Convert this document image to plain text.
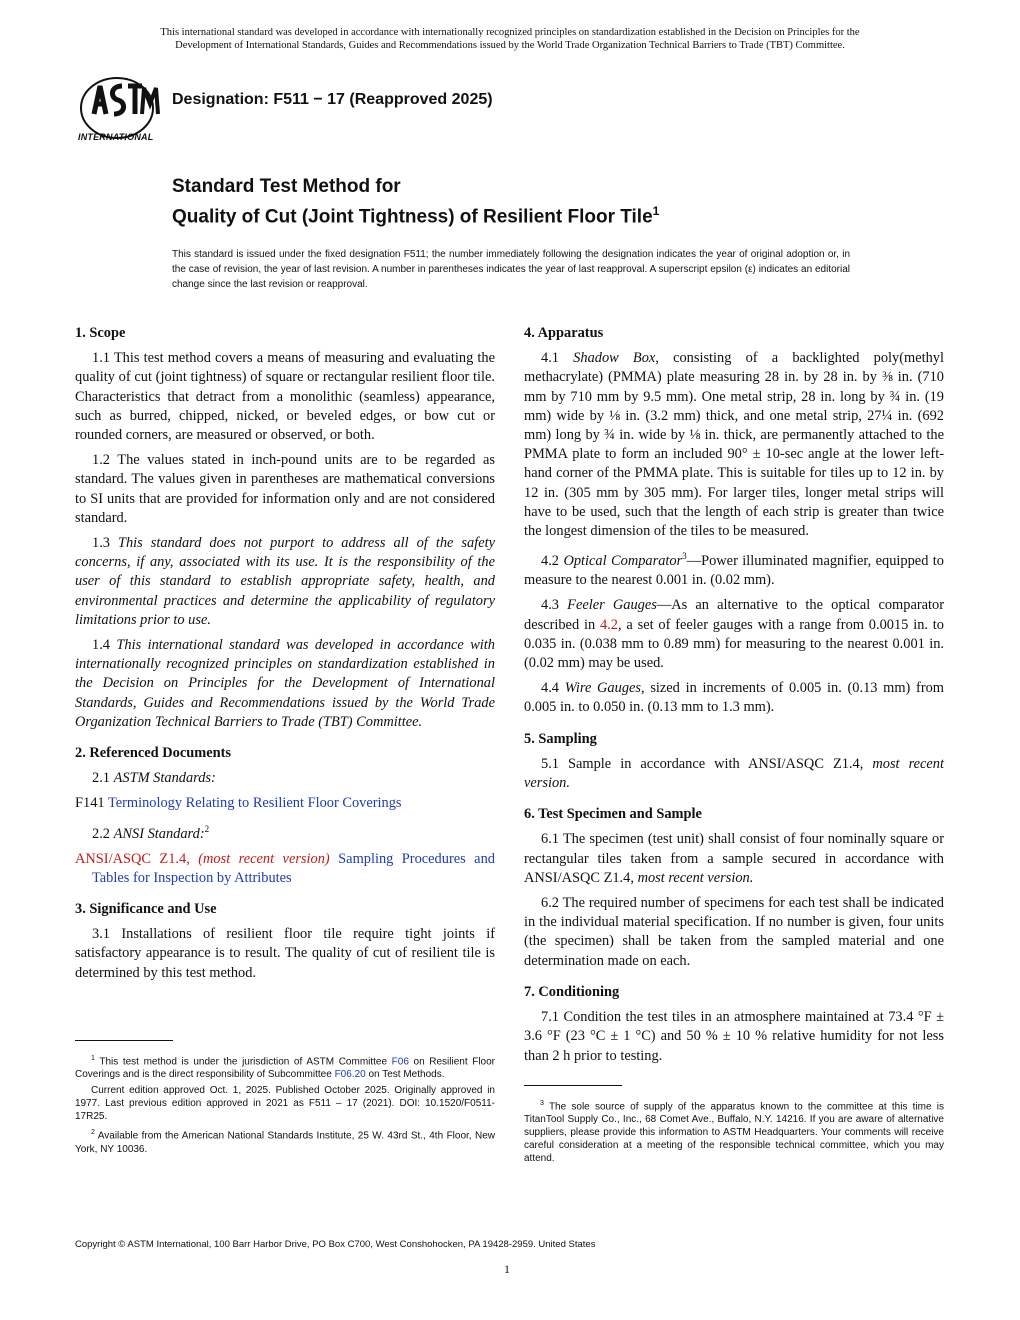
This international standard was developed in accordance with internationally recognized principles on standardization established in the Decision on Principles for the
Development of International Standards, Guides and Recommendations issued by the World Trade Organization Technical Barriers to Trade (TBT) Committee.
INTERNATIONAL
Designation: F511 − 17 (Reapproved 2025)
Standard Test Method for
Quality of Cut (Joint Tightness) of Resilient Floor Tile$^1$
This standard is issued under the fixed designation F511; the number immediately following the designation indicates the year of original adoption or, in the case of revision, the year of last revision. A number in parentheses indicates the year of last reapproval. A superscript epsilon (ε) indicates an editorial change since the last revision or reapproval.
1. Scope

1.1 This test method covers a means of measuring and evaluating the quality of cut (joint tightness) of square or rectangular resilient floor tile. Characteristics that detract from a monolithic (seamless) appearance, such as burred, chipped, nicked, or beveled edges, or bow cut or rounded corners, are measured or observed, or both.

1.2 The values stated in inch-pound units are to be regarded as standard. The values given in parentheses are mathematical conversions to SI units that are provided for information only and are not considered standard.

1.3 This standard does not purport to address all of the safety concerns, if any, associated with its use. It is the responsibility of the user of this standard to establish appropriate safety, health, and environmental practices and determine the applicability of regulatory limitations prior to use.

1.4 This international standard was developed in accordance with internationally recognized principles on standardization established in the Decision on Principles for the Development of International Standards, Guides and Recommendations issued by the World Trade Organization Technical Barriers to Trade (TBT) Committee.

2. Referenced Documents

2.1 ASTM Standards:

F141 Terminology Relating to Resilient Floor Coverings

2.2 ANSI Standard:$^2$

ANSI/ASQC Z1.4, (most recent version) Sampling Procedures and Tables for Inspection by Attributes

3. Significance and Use

3.1 Installations of resilient floor tile require tight joints if satisfactory appearance is to result. The quality of cut of resilient tile is determined by this test method.

4. Apparatus

4.1 Shadow Box, consisting of a backlighted poly(methyl methacrylate) (PMMA) plate measuring 28 in. by 28 in. by ⅜ in. (710 mm by 710 mm by 9.5 mm). One metal strip, 28 in. long by ¾ in. (19 mm) wide by ⅛ in. (3.2 mm) thick, and one metal strip, 27¼ in. (692 mm) long by ¾ in. wide by ⅛ in. thick, are permanently attached to the PMMA plate to form an included 90° ± 10-sec angle at the lower left-hand corner of the PMMA plate. This is suitable for tiles up to 12 in. by 12 in. (305 mm by 305 mm). For larger tiles, longer metal strips will have to be used, such that the length of each strip is greater than twice the longest dimension of the tiles to be measured.

4.2 Optical Comparator$^3$—Power illuminated magnifier, equipped to measure to the nearest 0.001 in. (0.02 mm).

4.3 Feeler Gauges—As an alternative to the optical comparator described in 4.2, a set of feeler gauges with a range from 0.0015 in. to 0.035 in. (0.038 mm to 0.89 mm) for measuring to the nearest 0.001 in. (0.02 mm) may be used.

4.4 Wire Gauges, sized in increments of 0.005 in. (0.13 mm) from 0.005 in. to 0.050 in. (0.13 mm to 1.3 mm).

5. Sampling

5.1 Sample in accordance with ANSI/ASQC Z1.4, most recent version.

6. Test Specimen and Sample

6.1 The specimen (test unit) shall consist of four nominally square or rectangular tiles taken from a sample secured in accordance with ANSI/ASQC Z1.4, most recent version.

6.2 The required number of specimens for each test shall be indicated in the individual material specification. If no number is given, four units (the specimen) shall be taken from the sampled material and one determination made on each.

7. Conditioning

7.1 Condition the test tiles in an atmosphere maintained at 73.4 °F ± 3.6 °F (23 °C ± 1 °C) and 50 % ± 10 % relative humidity for not less than 2 h prior to testing.

$^1$ This test method is under the jurisdiction of ASTM Committee F06 on Resilient Floor Coverings and is the direct responsibility of Subcommittee F06.20 on Test Methods.

Current edition approved Oct. 1, 2025. Published October 2025. Originally approved in 1977. Last previous edition approved in 2021 as F511 – 17 (2021). DOI: 10.1520/F0511-17R25.

$^2$ Available from the American National Standards Institute, 25 W. 43rd St., 4th Floor, New York, NY 10036.

$^3$ The sole source of supply of the apparatus known to the committee at this time is TitanTool Supply Co., Inc., 68 Comet Ave., Buffalo, N.Y. 14216. If you are aware of alternative suppliers, please provide this information to ASTM Headquarters. Your comments will receive careful consideration at a meeting of the responsible technical committee, which you may attend.

Copyright © ASTM International, 100 Barr Harbor Drive, PO Box C700, West Conshohocken, PA 19428-2959. United States
1
